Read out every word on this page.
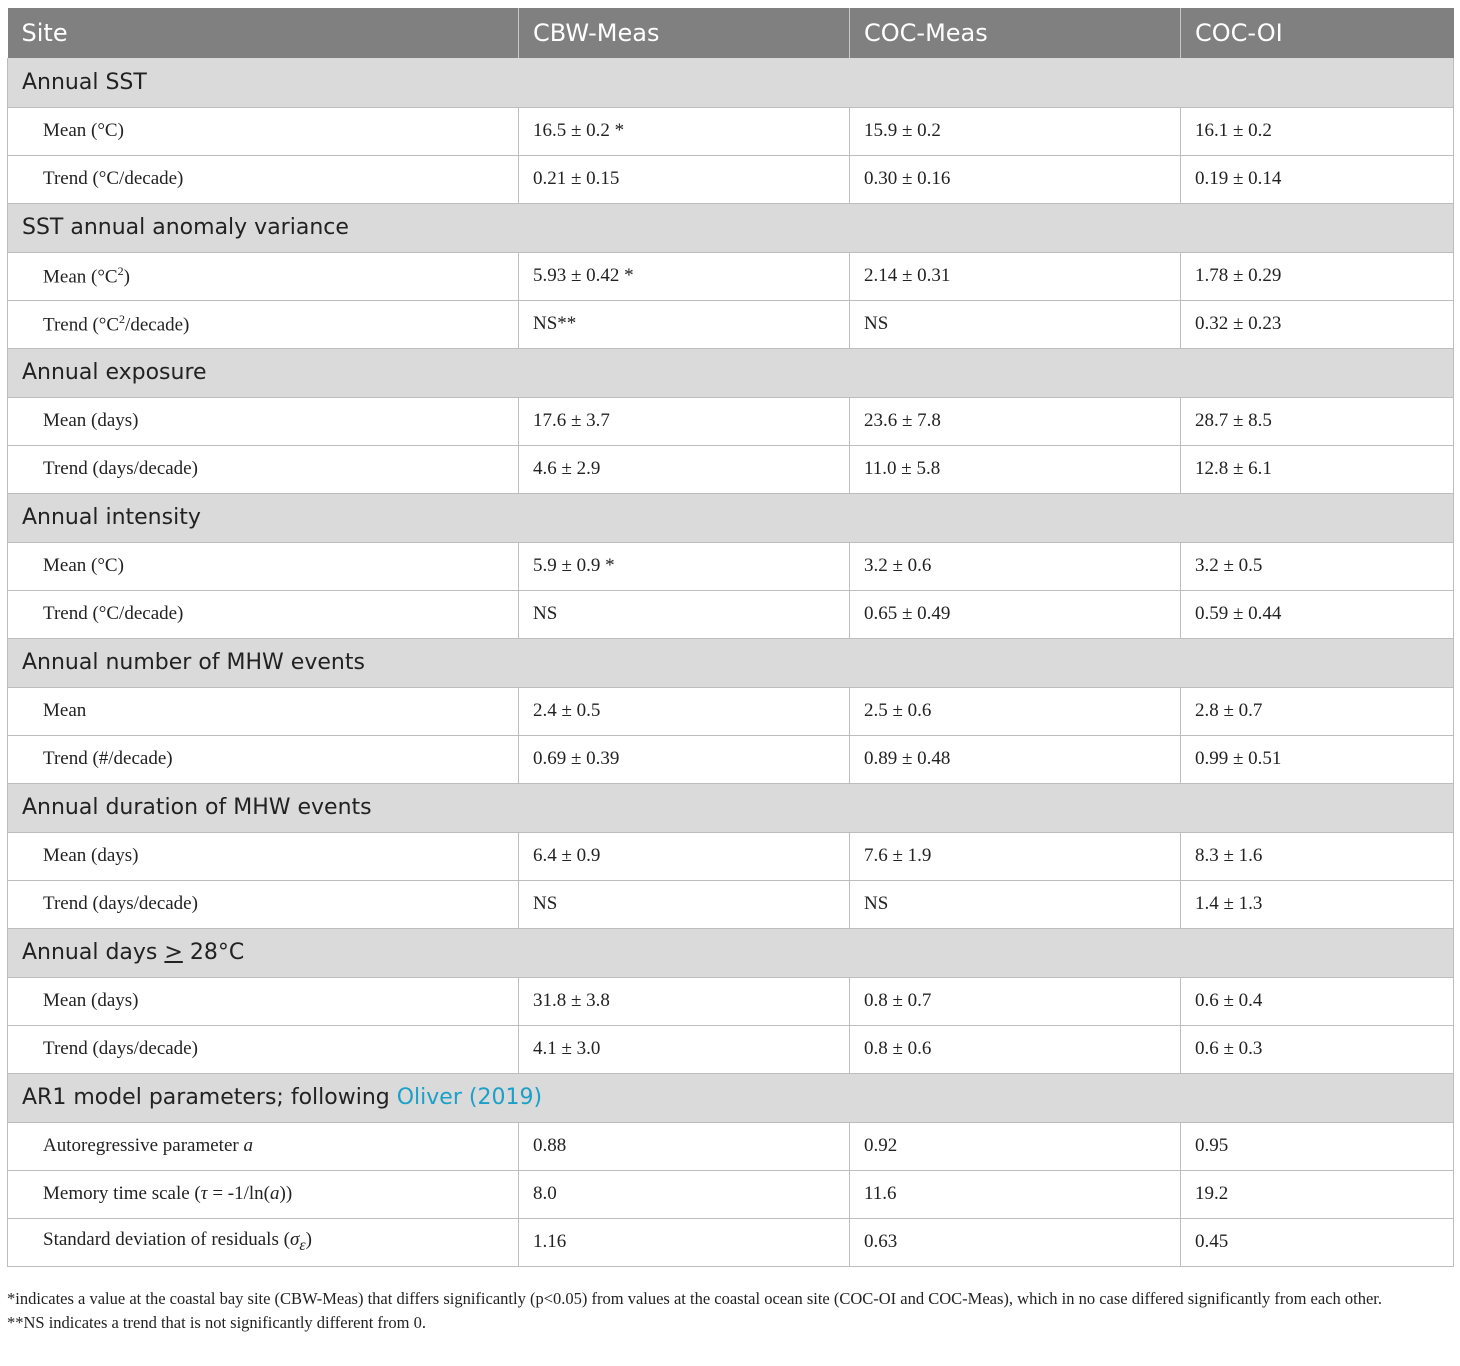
Site	CBW-Meas	COC-Meas	COC-OI
Annual SST			
Mean (°C)	16.5 ± 0.2 *	15.9 ± 0.2	16.1 ± 0.2
Trend (°C/decade)	0.21 ± 0.15	0.30 ± 0.16	0.19 ± 0.14
SST annual anomaly variance			
Mean $(^\circ C^2)$	5.93 ± 0.42 *	2.14 ± 0.31	1.78 ± 0.29
Trend $(^\circ C^2/decade)$	NS**	NS	0.32 ± 0.23
Annual exposure			
Mean (days)	17.6 ± 3.7	23.6 ± 7.8	28.7 ± 8.5
Trend (days/decade)	4.6 ± 2.9	11.0 ± 5.8	12.8 ± 6.1
Annual intensity			
Mean (°C)	5.9 ± 0.9 *	3.2 ± 0.6	3.2 ± 0.5
Trend (°C/decade)	NS	0.65 ± 0.49	0.59 ± 0.44
Annual number of MHW events			
Mean	2.4 ± 0.5	2.5 ± 0.6	2.8 ± 0.7
Trend (#/decade)	0.69 ± 0.39	0.89 ± 0.48	0.99 ± 0.51
Annual duration of MHW events			
Mean (days)	6.4 ± 0.9	7.6 ± 1.9	8.3 ± 1.6
Trend (days/decade)	NS	NS	1.4 ± 1.3
Annual days ≥ 28°C			
Mean (days)	31.8 ± 3.8	0.8 ± 0.7	0.6 ± 0.4
Trend (days/decade)	4.1 ± 3.0	0.8 ± 0.6	0.6 ± 0.3
AR1 model parameters; following Oliver (2019)			
Autoregressive parameter a	0.88	0.92	0.95
Memory time scale (τ = -1/ln(a))	8.0	11.6	19.2
Standard deviation of residuals $(\sigma_\varepsilon)$	1.16	0.63	0.45

*indicates a value at the coastal bay site (CBW-Meas) that differs significantly (p<0.05) from values at the coastal ocean site (COC-OI and COC-Meas), which in no case differed significantly from each other.

**NS indicates a trend that is not significantly different from 0.
